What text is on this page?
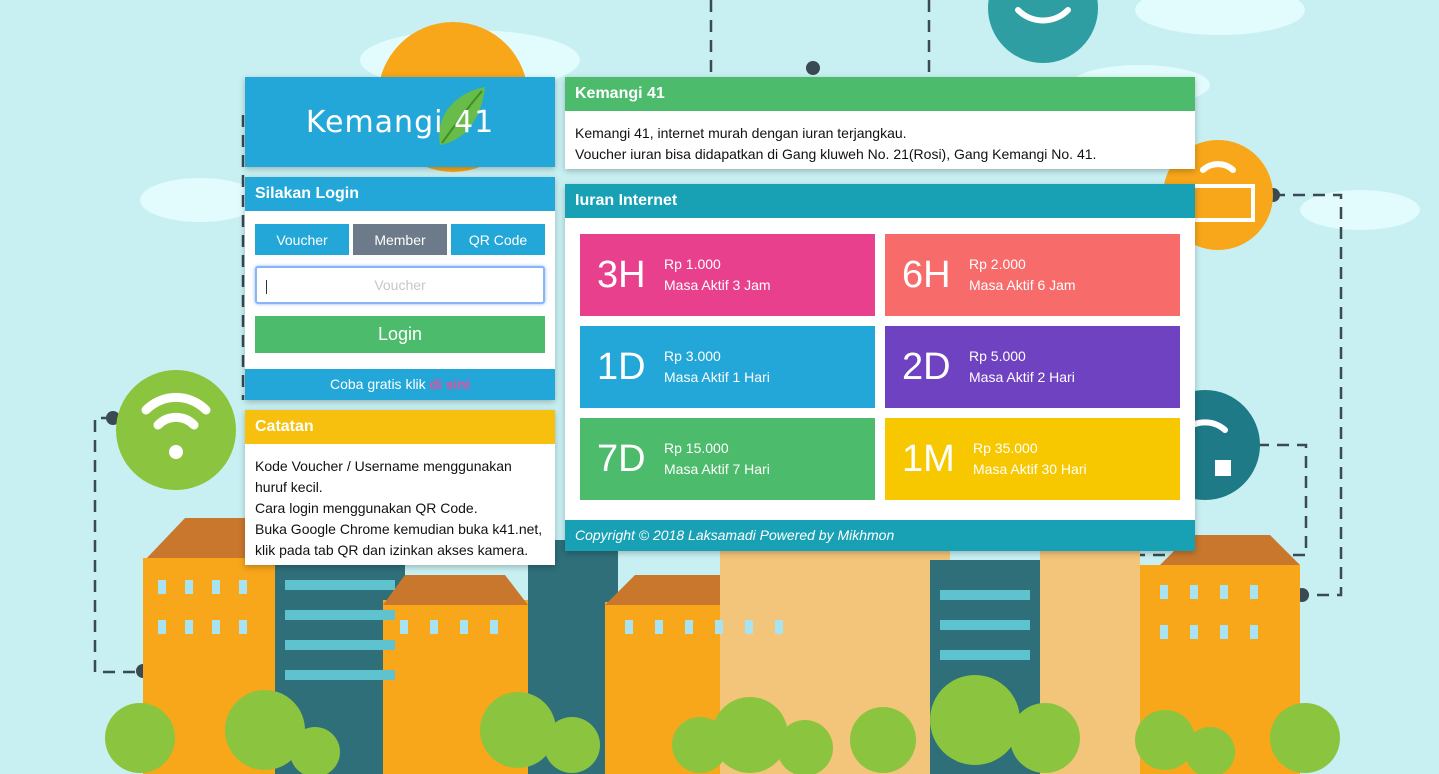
Kemangi 41
Silakan Login
Voucher	Member	QR Code
Voucher
Login
Coba gratis klik di sini
Catatan
Kode Voucher / Username menggunakan huruf kecil.
Cara login menggunakan QR Code.
Buka Google Chrome kemudian buka k41.net, klik pada tab QR dan izinkan akses kamera.
Kemangi 41
Kemangi 41, internet murah dengan iuran terjangkau.
Voucher iuran bisa didapatkan di Gang kluweh No. 21(Rosi), Gang Kemangi No. 41.
Iuran Internet
3H Rp 1.000
Masa Aktif 3 Jam	6H Rp 2.000
Masa Aktif 6 Jam
1D Rp 3.000
Masa Aktif 1 Hari	2D Rp 5.000
Masa Aktif 2 Hari
7D Rp 15.000
Masa Aktif 7 Hari	1M Rp 35.000
Masa Aktif 30 Hari
Copyright © 2018 Laksamadi Powered by Mikhmon
